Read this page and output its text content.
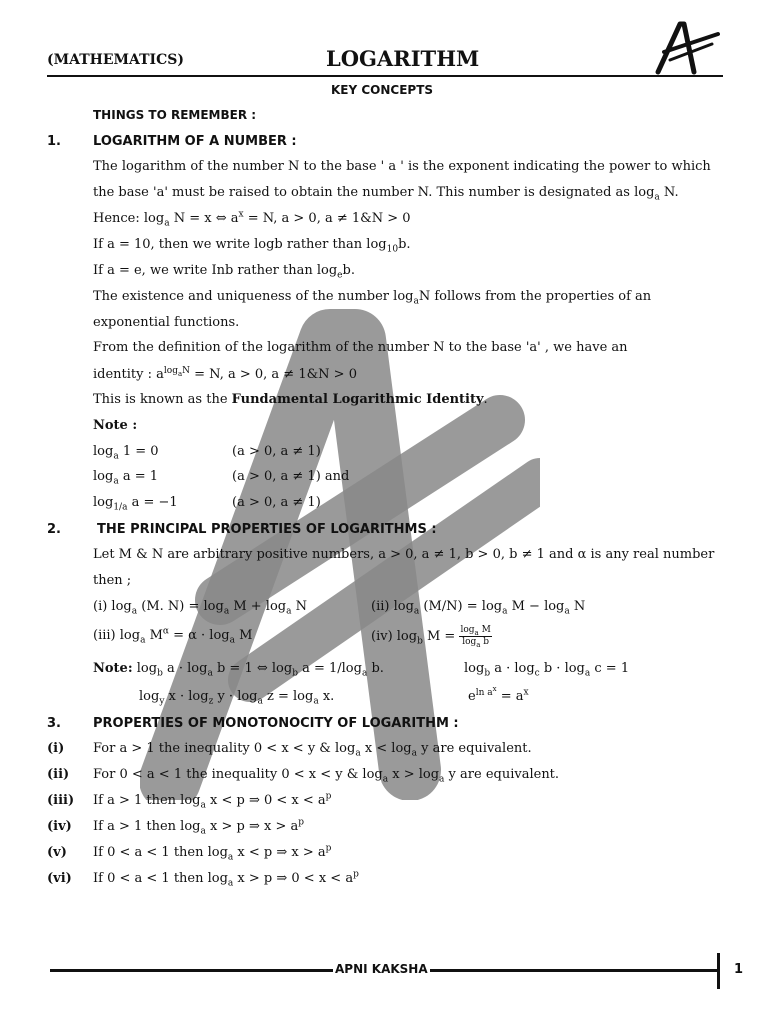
(MATHEMATICS)	LOGARITHM
KEY CONCEPTS
THINGS TO REMEMBER :
1. LOGARITHM OF A NUMBER :
The logarithm of the number N to the base ' a ' is the exponent indicating the power to which
the base 'a' must be raised to obtain the number N. This number is designated as $\log_a N$.
Hence: $\log_a N = x$ ⇔ $a^x = N$, a > 0, a ≠ 1&N > 0
If a = 10, then we write logb rather than $\log_{10}b$.
If a = e, we write Inb rather than $\log_eb$.
The existence and uniqueness of the number $\log_aN$ follows from the properties of an
exponential functions.
From the definition of the logarithm of the number N to the base 'a' , we have an
identity : $a^{log_aN} = N$, a > 0, a ≠ 1&N > 0
This is known as the Fundamental Logarithmic Identity.
Note :
$\log_a 1 = 0$	(a > 0, a ≠ 1)
$\log_a a = 1$	(a > 0, a ≠ 1) and
$\log_{1/a} a = -1$	(a > 0, a ≠ 1)
2.	THE PRINCIPAL PROPERTIES OF LOGARITHMS :
Let M & N are arbitrary positive numbers, a > 0, a ≠ 1, b > 0, b ≠ 1 and α is any real number
then ;
(i) $\log_a (M$. $N) = \log_a M + \log_a N$	(ii) $\log_a (M/N) = \log_a M - \log_a N$
(iii) $\log_a M^\alpha = \alpha \cdot \log_a M$	(iv) $\log_b M = \frac{\log_a M}{\log_a b}$
Note: $\log_b a \cdot \log_a b = 1$ ⇔ $\log_b a = 1/\log_a$ b.	$\log_b a \cdot \log_c b \cdot \log_a c = 1$
$\log_y x \cdot \log_z y \cdot \log_a z = \log_a x$.	$e^{ln a^x} = a^x$
3. PROPERTIES OF MONOTONOCITY OF LOGARITHM :
(i) For a > 1 the inequality 0 < x < y & $\log_a x < \log_a y$ are equivalent.
(ii) For 0 < a < 1 the inequality 0 < x < y & $\log_a x > \log_a y$ are equivalent.
(iii) If a > 1 then $\log_a x < p$ ⇒ $0 < x < a^p$
(iv) If a > 1 then $\log_a x > p$ ⇒ $x > a^p$
(v) If 0 < a < 1 then $\log_a x < p$ ⇒ $x > a^p$
(vi) If 0 < a < 1 then $\log_a x > p$ ⇒ $0 < x < a^p$
APNI KAKSHA	1
